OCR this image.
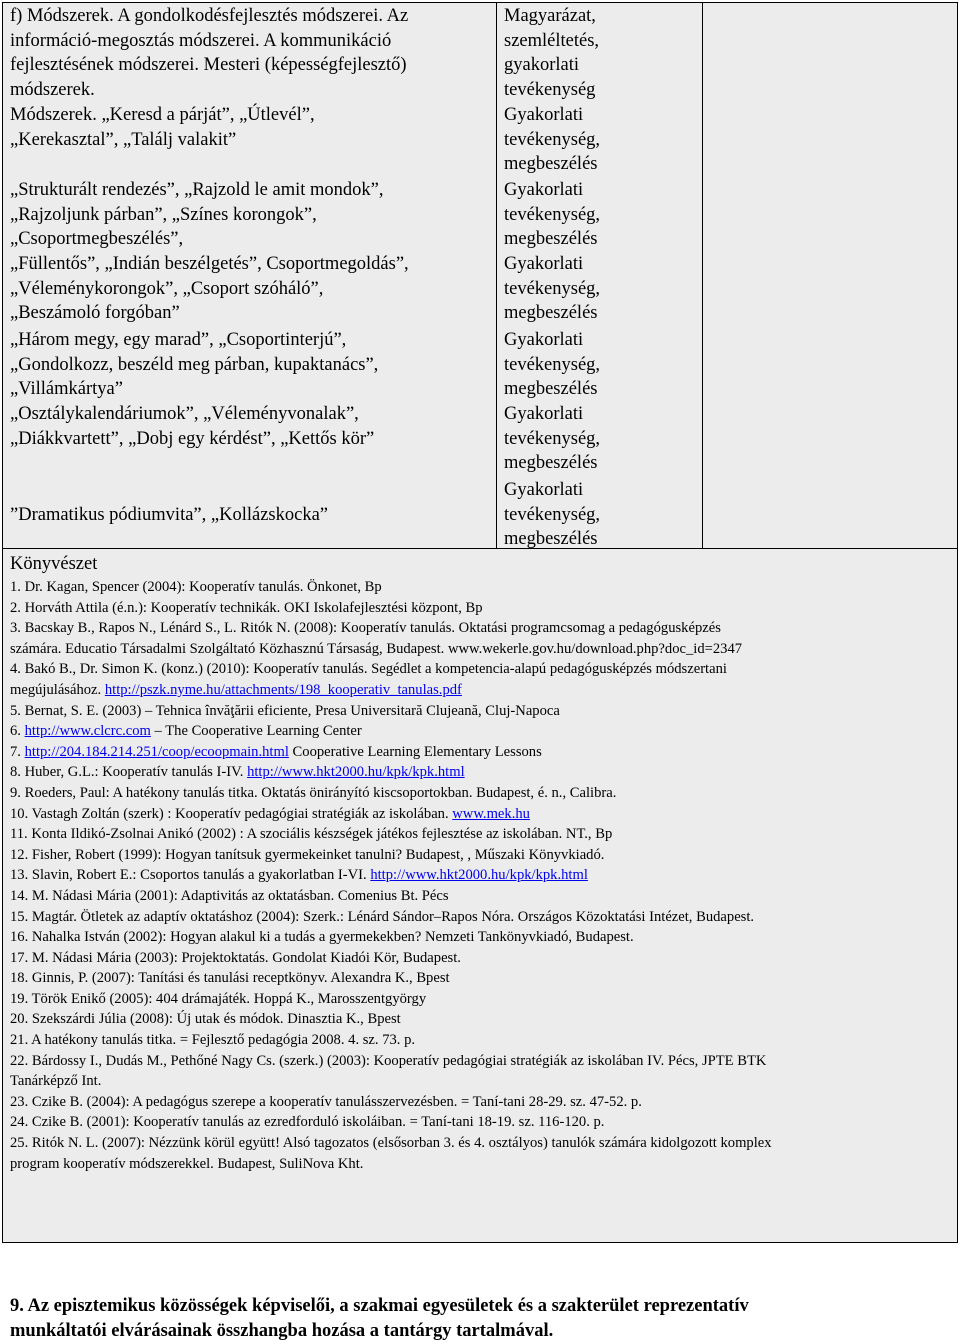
f) Módszerek. A gondolkodésfejlesztés módszerei. Az
információ-megosztás módszerei. A kommunikáció
fejlesztésének módszerei. Mesteri (képességfejlesztő)
módszerek.
Módszerek. „Keresd a párját”, „Útlevél”,
„Kerekasztal”, „Találj valakit”
„Strukturált rendezés”, „Rajzold le amit mondok”,
„Rajzoljunk párban”, „Színes korongok”,
„Csoportmegbeszélés”,
„Füllentős”, „Indián beszélgetés”, Csoportmegoldás”,
„Véleménykorongok”, „Csoport szóháló”,
„Beszámoló forgóban”
„Három megy, egy marad”, „Csoportinterjú”,
„Gondolkozz, beszéld meg párban, kupaktanács”,
„Villámkártya”
„Osztálykalendáriumok”, „Véleményvonalak”,
„Diákkvartett”, „Dobj egy kérdést”, „Kettős kör”
”Dramatikus pódiumvita”, „Kollázskocka”
Magyarázat,
szemléltetés,
gyakorlati
tevékenység
Gyakorlati
tevékenység,
megbeszélés
Gyakorlati
tevékenység,
megbeszélés
Gyakorlati
tevékenység,
megbeszélés
Gyakorlati
tevékenység,
megbeszélés
Gyakorlati
tevékenység,
megbeszélés
Gyakorlati
tevékenység,
megbeszélés
Könyvészet
1. Dr. Kagan, Spencer (2004): Kooperatív tanulás. Önkonet, Bp
2. Horváth Attila (é.n.): Kooperatív technikák. OKI Iskolafejlesztési központ, Bp
3. Bacskay B., Rapos N., Lénárd S., L. Ritók N. (2008): Kooperatív tanulás. Oktatási programcsomag a pedagógusképzés
számára. Educatio Társadalmi Szolgáltató Közhasznú Társaság, Budapest. www.wekerle.gov.hu/download.php?doc_id=2347
4. Bakó B., Dr. Simon K. (konz.) (2010): Kooperatív tanulás. Segédlet a kompetencia-alapú pedagógusképzés módszertani
megújulásához. http://pszk.nyme.hu/attachments/198_kooperativ_tanulas.pdf
5. Bernat, S. E. (2003) – Tehnica învăţării eficiente, Presa Universitară Clujeană, Cluj-Napoca
6. http://www.clcrc.com – The Cooperative Learning Center
7. http://204.184.214.251/coop/ecoopmain.html Cooperative Learning Elementary Lessons
8. Huber, G.L.: Kooperatív tanulás I-IV. http://www.hkt2000.hu/kpk/kpk.html
9. Roeders, Paul: A hatékony tanulás titka. Oktatás önirányító kiscsoportokban. Budapest, é. n., Calibra.
10. Vastagh Zoltán (szerk) : Kooperatív pedagógiai stratégiák az iskolában. www.mek.hu
11. Konta Ildikó-Zsolnai Anikó (2002) : A szociális készségek játékos fejlesztése az iskolában. NT., Bp
12. Fisher, Robert (1999): Hogyan tanítsuk gyermekeinket tanulni? Budapest, , Műszaki Könyvkiadó.
13. Slavin, Robert E.: Csoportos tanulás a gyakorlatban I-VI. http://www.hkt2000.hu/kpk/kpk.html
14. M. Nádasi Mária (2001): Adaptivitás az oktatásban. Comenius Bt. Pécs
15. Magtár. Ötletek az adaptív oktatáshoz (2004): Szerk.: Lénárd Sándor–Rapos Nóra. Országos Közoktatási Intézet, Budapest.
16. Nahalka István (2002): Hogyan alakul ki a tudás a gyermekekben? Nemzeti Tankönyvkiadó, Budapest.
17. M. Nádasi Mária (2003): Projektoktatás. Gondolat Kiadói Kör, Budapest.
18. Ginnis, P. (2007): Tanítási és tanulási receptkönyv. Alexandra K., Bpest
19. Török Enikő (2005): 404 drámajáték. Hoppá K., Marosszentgyörgy
20. Szekszárdi Júlia (2008): Új utak és módok. Dinasztia K., Bpest
21. A hatékony tanulás titka. = Fejlesztő pedagógia 2008. 4. sz. 73. p.
22. Bárdossy I., Dudás M., Pethőné Nagy Cs. (szerk.) (2003): Kooperatív pedagógiai stratégiák az iskolában IV. Pécs, JPTE BTK
Tanárképző Int.
23. Czike B. (2004): A pedagógus szerepe a kooperatív tanulásszervezésben. = Taní-tani 28-29. sz. 47-52. p.
24. Czike B. (2001): Kooperatív tanulás az ezredforduló iskoláiban. = Taní-tani 18-19. sz. 116-120. p.
25. Ritók N. L. (2007): Nézzünk körül együtt! Alsó tagozatos (elsősorban 3. és 4. osztályos) tanulók számára kidolgozott komplex
program kooperatív módszerekkel. Budapest, SuliNova Kht.
9. Az episztemikus közösségek képviselői, a szakmai egyesületek és a szakterület reprezentatív
munkáltatói elvárásainak összhangba hozása a tantárgy tartalmával.
